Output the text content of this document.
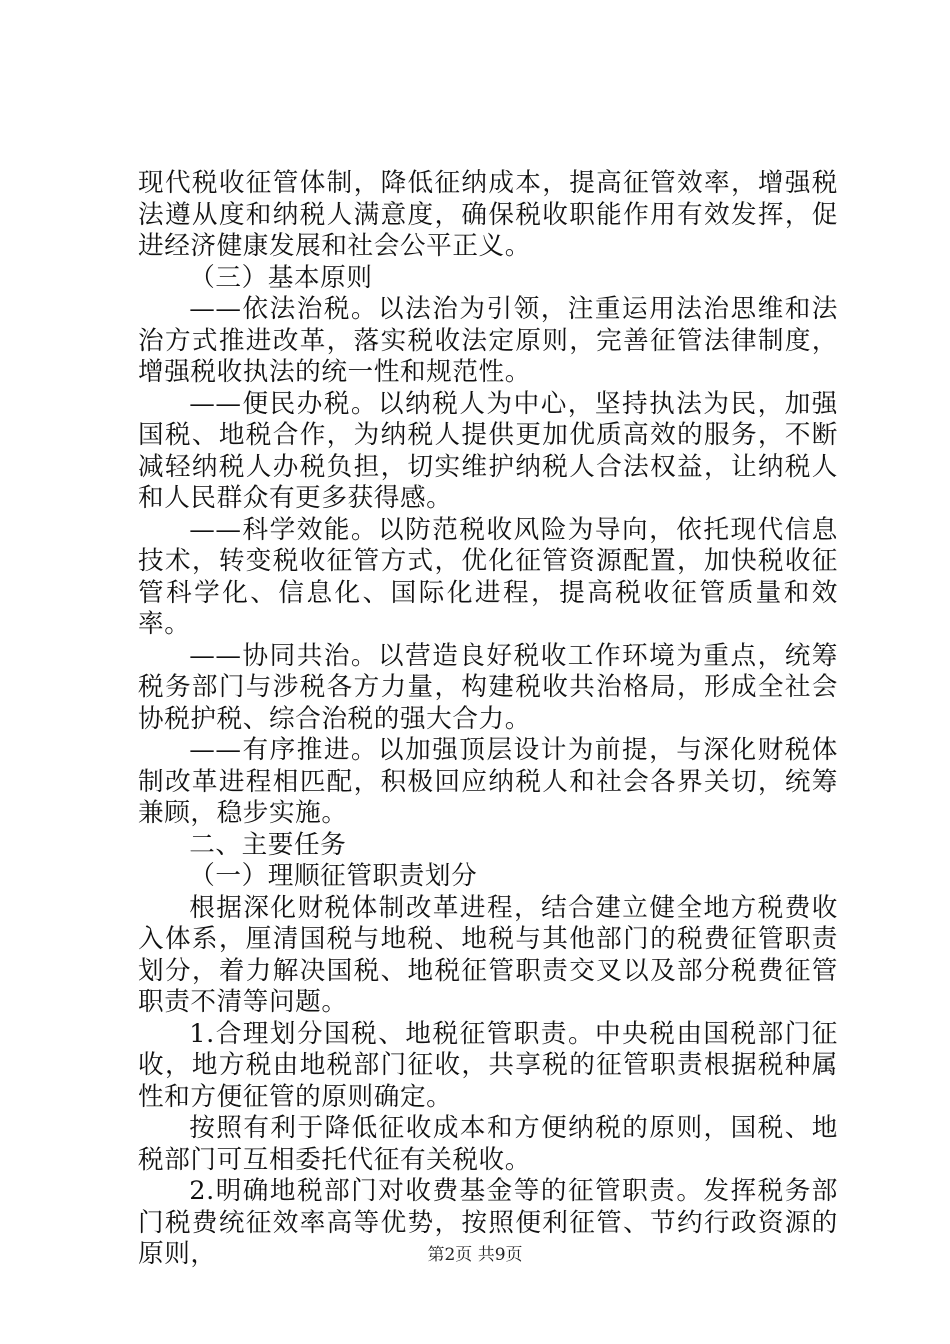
现代税收征管体制，降低征纳成本，提高征管效率，增强税法遵从度和纳税人满意度，确保税收职能作用有效发挥，促进经济健康发展和社会公平正义。

（三）基本原则

——依法治税。以法治为引领，注重运用法治思维和法治方式推进改革，落实税收法定原则，完善征管法律制度，增强税收执法的统一性和规范性。

——便民办税。以纳税人为中心，坚持执法为民，加强国税、地税合作，为纳税人提供更加优质高效的服务，不断减轻纳税人办税负担，切实维护纳税人合法权益，让纳税人和人民群众有更多获得感。

——科学效能。以防范税收风险为导向，依托现代信息技术，转变税收征管方式，优化征管资源配置，加快税收征管科学化、信息化、国际化进程，提高税收征管质量和效率。

——协同共治。以营造良好税收工作环境为重点，统筹税务部门与涉税各方力量，构建税收共治格局，形成全社会协税护税、综合治税的强大合力。

——有序推进。以加强顶层设计为前提，与深化财税体制改革进程相匹配，积极回应纳税人和社会各界关切，统筹兼顾，稳步实施。

二、主要任务

（一）理顺征管职责划分

根据深化财税体制改革进程，结合建立健全地方税费收入体系，厘清国税与地税、地税与其他部门的税费征管职责划分，着力解决国税、地税征管职责交叉以及部分税费征管职责不清等问题。

1.合理划分国税、地税征管职责。中央税由国税部门征收，地方税由地税部门征收，共享税的征管职责根据税种属性和方便征管的原则确定。

按照有利于降低征收成本和方便纳税的原则，国税、地税部门可互相委托代征有关税收。

2.明确地税部门对收费基金等的征管职责。发挥税务部门税费统征效率高等优势，按照便利征管、节约行政资源的原则，	第2页 共9页
